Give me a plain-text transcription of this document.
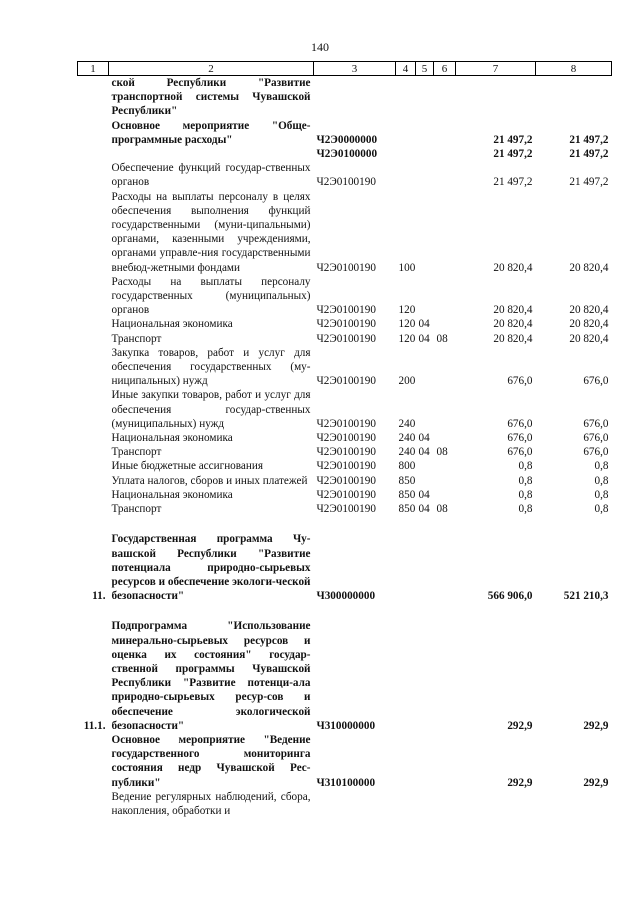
140
1	2	3	4	5	6	7	8
	ской Республики "Развитие транспортной системы Чувашской Республики"						
	Основное мероприятие "Обще-программные расходы"	Ч2Э0000000				21 497,2	21 497,2
		Ч2Э0100000				21 497,2	21 497,2
	Обеспечение функций государ-ственных органов	Ч2Э0100190				21 497,2	21 497,2
	Расходы на выплаты персоналу в целях обеспечения выполнения функций государственными (муни-ципальными) органами, казенными учреждениями, органами управле-ния государственными внебюд-жетными фондами	Ч2Э0100190	100			20 820,4	20 820,4
	Расходы на выплаты персоналу государственных (муниципальных) органов	Ч2Э0100190	120			20 820,4	20 820,4
	Национальная экономика	Ч2Э0100190	120	04		20 820,4	20 820,4
	Транспорт	Ч2Э0100190	120	04	08	20 820,4	20 820,4
	Закупка товаров, работ и услуг для обеспечения государственных (му-ниципальных) нужд	Ч2Э0100190	200			676,0	676,0
	Иные закупки товаров, работ и услуг для обеспечения государ-ственных (муниципальных) нужд	Ч2Э0100190	240			676,0	676,0
	Национальная экономика	Ч2Э0100190	240	04		676,0	676,0
	Транспорт	Ч2Э0100190	240	04	08	676,0	676,0
	Иные бюджетные ассигнования	Ч2Э0100190	800			0,8	0,8
	Уплата налогов, сборов и иных платежей	Ч2Э0100190	850			0,8	0,8
	Национальная экономика	Ч2Э0100190	850	04		0,8	0,8
	Транспорт	Ч2Э0100190	850	04	08	0,8	0,8

11.	Государственная программа Чу-вашской Республики "Развитие потенциала природно-сырьевых ресурсов и обеспечение экологи-ческой безопасности"	Ч300000000				566 906,0	521 210,3

11.1.	Подпрограмма "Использование минерально-сырьевых ресурсов и оценка их состояния" государ-ственной программы Чувашской Республики "Развитие потенци-ала природно-сырьевых ресур-сов и обеспечение экологической безопасности"	Ч310000000				292,9	292,9
	Основное мероприятие "Ведение государственного мониторинга состояния недр Чувашской Рес-публики"	Ч310100000				292,9	292,9
	Ведение регулярных наблюдений, сбора, накопления, обработки и						
